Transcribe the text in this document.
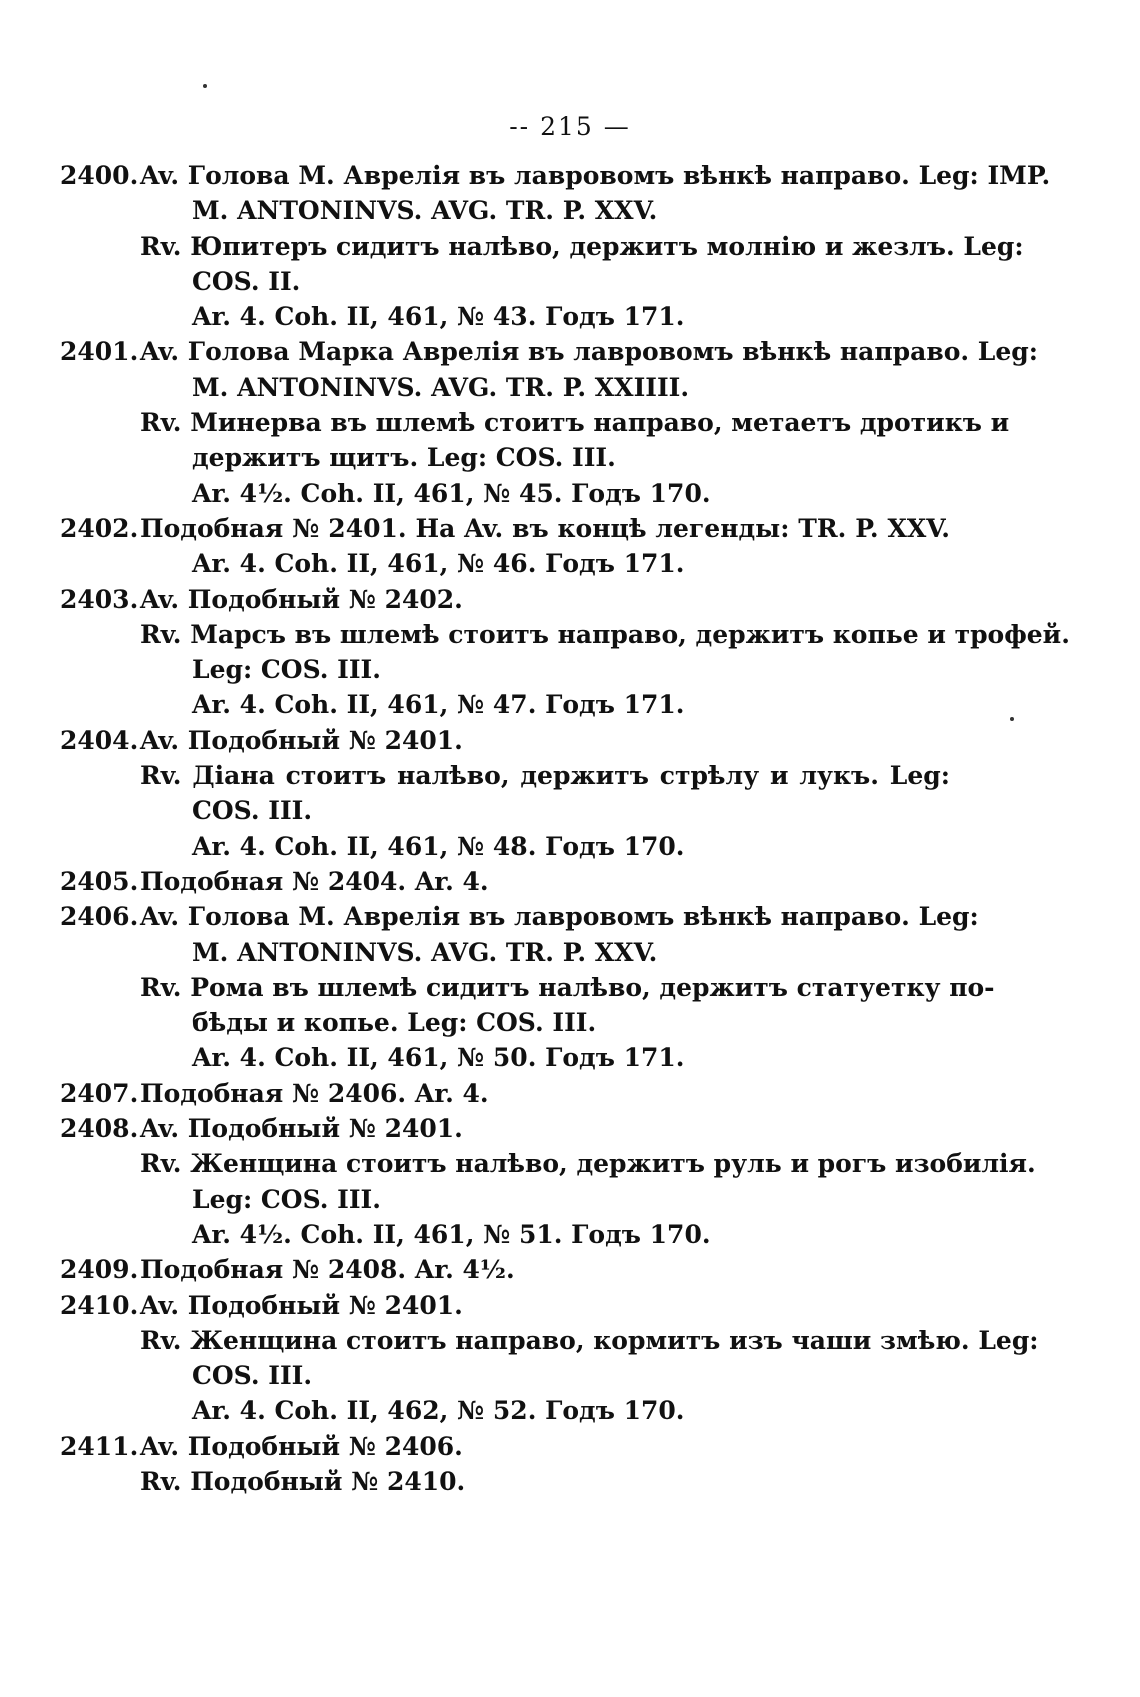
-- 215 —
2400. Av. Голова М. Аврелія въ лавровомъ вѣнкѣ направо. Leg: IMP.
M. ANTONINVS. AVG. TR. P. XXV.
Rv. Юпитеръ сидитъ налѣво, держитъ молнію и жезлъ. Leg:
COS. II.
Ar. 4. Coh. II, 461, № 43. Годъ 171.
2401. Av. Голова Марка Аврелія въ лавровомъ вѣнкѣ направо. Leg:
M. ANTONINVS. AVG. TR. P. XXIIII.
Rv. Минерва въ шлемѣ стоитъ направо, метаетъ дротикъ и
держитъ щитъ. Leg: COS. III.
Ar. 4½. Coh. II, 461, № 45. Годъ 170.
2402. Подобная № 2401. На Av. въ концѣ легенды: TR. P. XXV.
Ar. 4. Coh. II, 461, № 46. Годъ 171.
2403. Av. Подобный № 2402.
Rv. Марсъ въ шлемѣ стоитъ направо, держитъ копье и трофей.
Leg: COS. III.
Ar. 4. Coh. II, 461, № 47. Годъ 171.
2404. Av. Подобный № 2401.
Rv. Діана стоитъ налѣво, держитъ стрѣлу и лукъ. Leg:
COS. III.
Ar. 4. Coh. II, 461, № 48. Годъ 170.
2405. Подобная № 2404. Ar. 4.
2406. Av. Голова М. Аврелія въ лавровомъ вѣнкѣ направо. Leg:
M. ANTONINVS. AVG. TR. P. XXV.
Rv. Рома въ шлемѣ сидитъ налѣво, держитъ статуетку по-
бѣды и копье. Leg: COS. III.
Ar. 4. Coh. II, 461, № 50. Годъ 171.
2407. Подобная № 2406. Ar. 4.
2408. Av. Подобный № 2401.
Rv. Женщина стоитъ налѣво, держитъ руль и рогъ изобилія.
Leg: COS. III.
Ar. 4½. Coh. II, 461, № 51. Годъ 170.
2409. Подобная № 2408. Ar. 4½.
2410. Av. Подобный № 2401.
Rv. Женщина стоитъ направо, кормитъ изъ чаши змѣю. Leg:
COS. III.
Ar. 4. Coh. II, 462, № 52. Годъ 170.
2411. Av. Подобный № 2406.
Rv. Подобный № 2410.
